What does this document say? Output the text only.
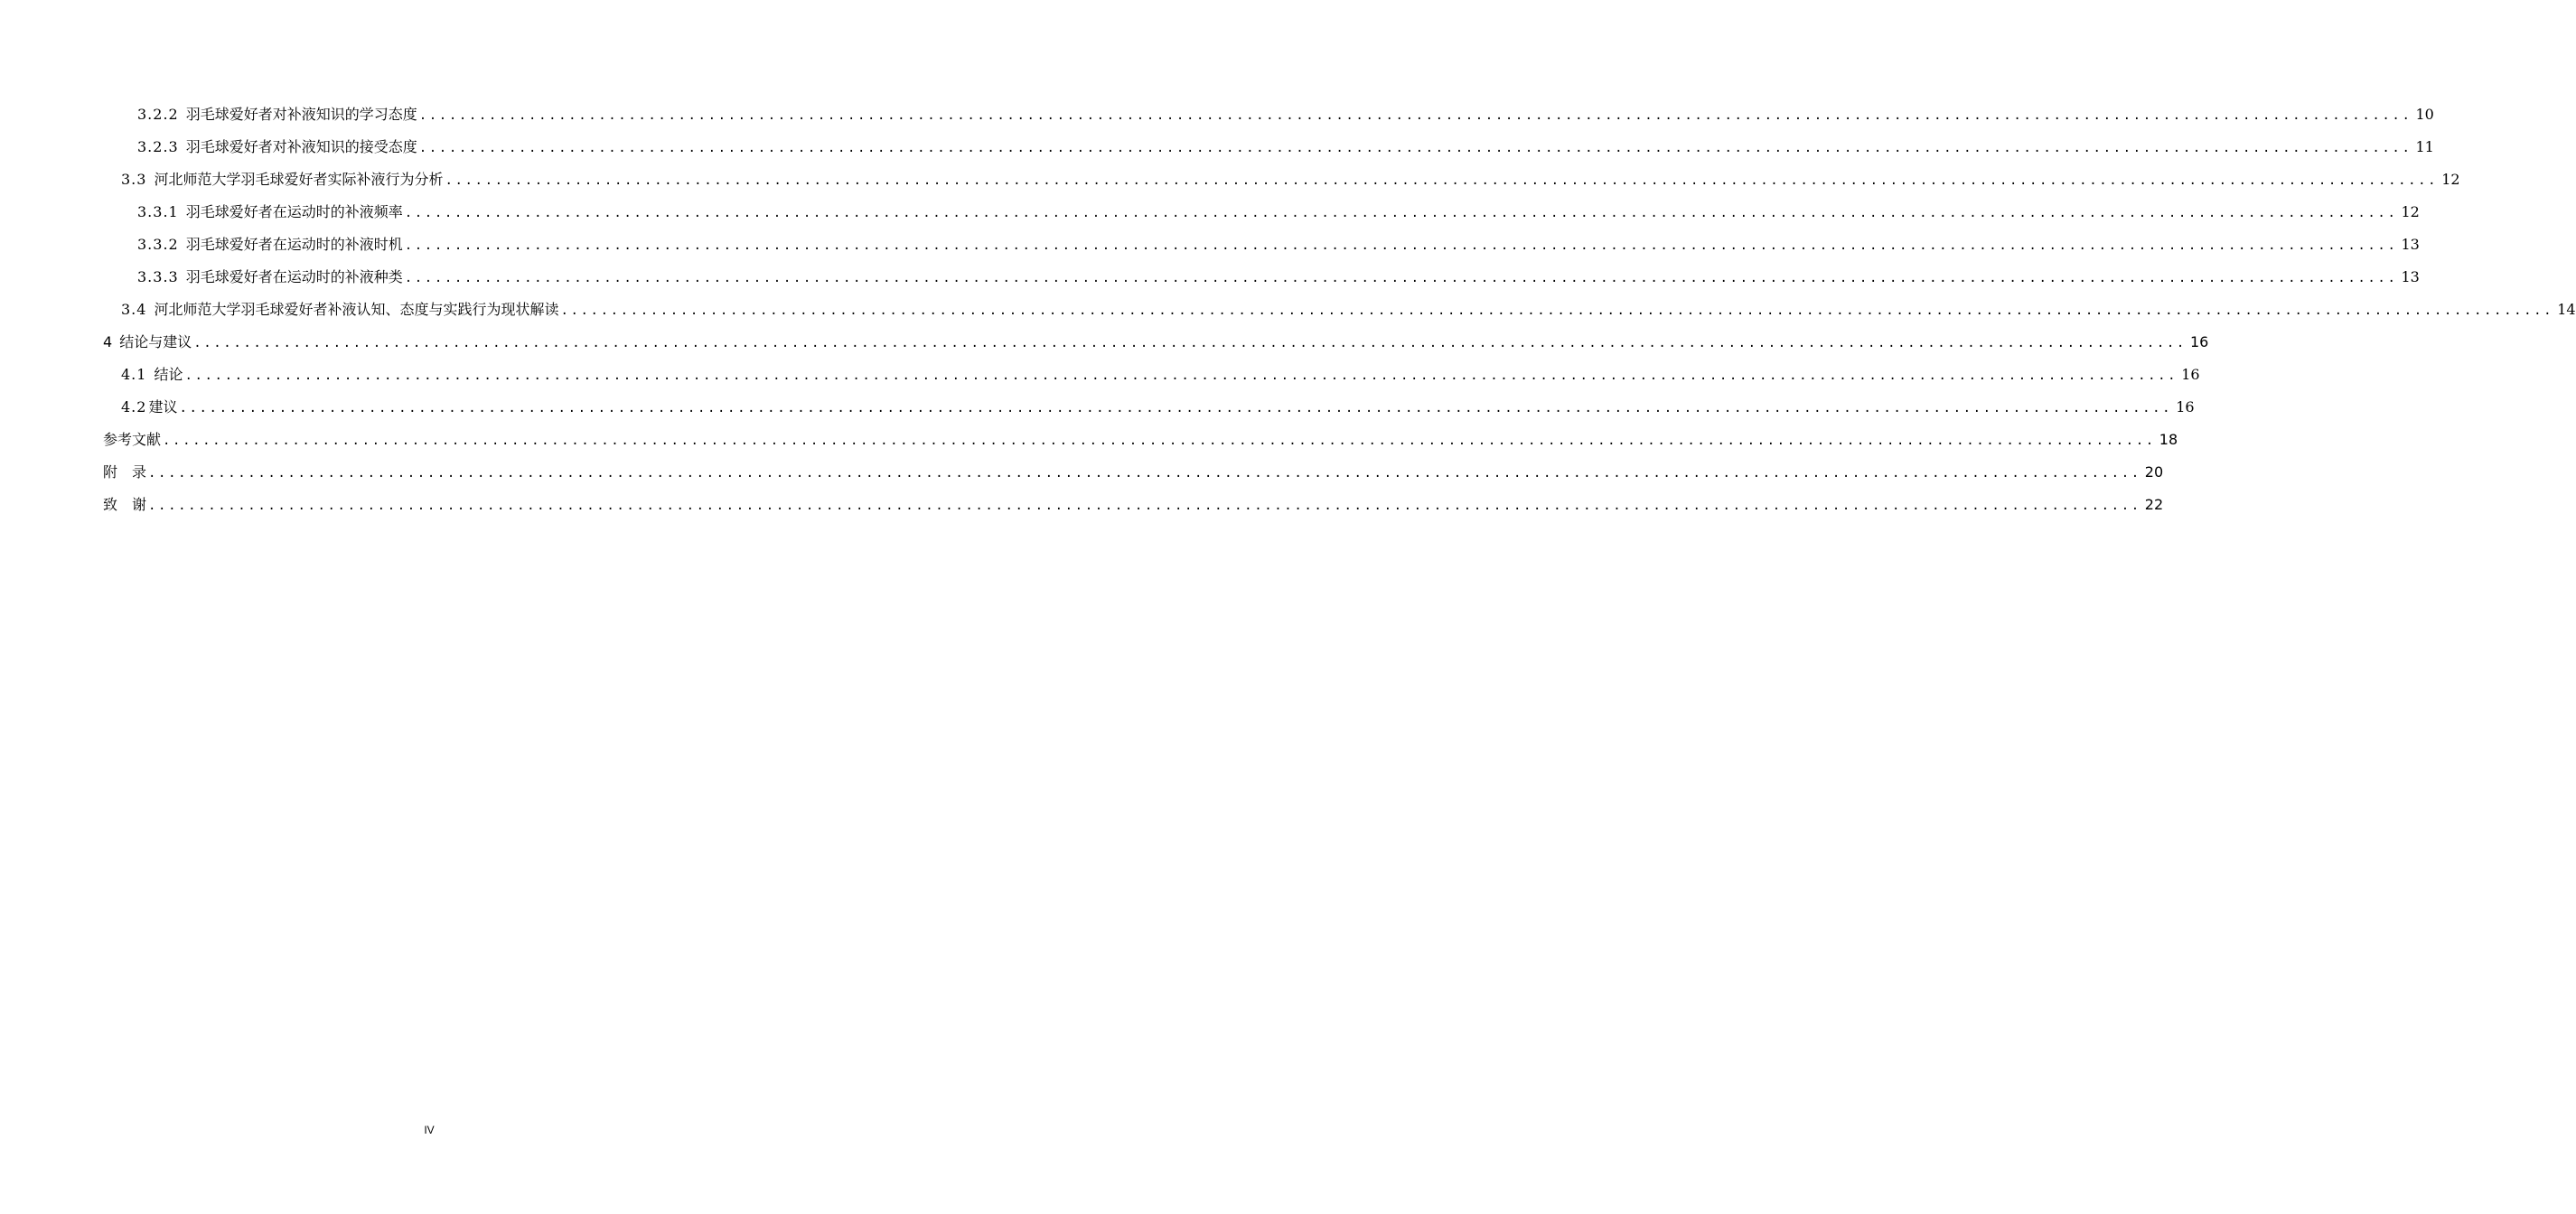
3.2.2 羽毛球爱好者对补液知识的学习态度 ........................................................................................................................................................................................................ 10
3.2.3 羽毛球爱好者对补液知识的接受态度 ........................................................................................................................................................................................................ 11
3.3 河北师范大学羽毛球爱好者实际补液行为分析 ........................................................................................................................................................................................................ 12
3.3.1 羽毛球爱好者在运动时的补液频率 ........................................................................................................................................................................................................ 12
3.3.2 羽毛球爱好者在运动时的补液时机 ........................................................................................................................................................................................................ 13
3.3.3 羽毛球爱好者在运动时的补液种类 ........................................................................................................................................................................................................ 13
3.4 河北师范大学羽毛球爱好者补液认知、态度与实践行为现状解读 ........................................................................................................................................................................................................ 14
4 结论与建议 ........................................................................................................................................................................................................ 16
4.1 结论 ........................................................................................................................................................................................................ 16
4.2 建议 ........................................................................................................................................................................................................ 16
参考文献 ........................................................................................................................................................................................................ 18
附　录 ........................................................................................................................................................................................................ 20
致　谢 ........................................................................................................................................................................................................ 22
IV
